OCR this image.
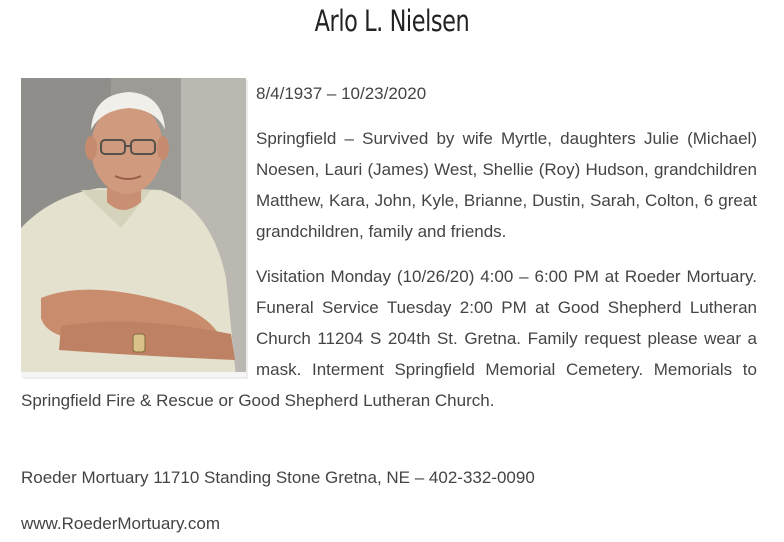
Arlo L. Nielsen

8/4/1937 – 10/23/2020

Springfield – Survived by wife Myrtle, daughters Julie (Michael) Noesen, Lauri (James) West, Shellie (Roy) Hudson, grandchildren Matthew, Kara, John, Kyle, Brianne, Dustin, Sarah, Colton, 6 great grandchildren, family and friends.

Visitation Monday (10/26/20) 4:00 – 6:00 PM at Roeder Mortuary. Funeral Service Tuesday 2:00 PM at Good Shepherd Lutheran Church 11204 S 204th St. Gretna. Family request please wear a mask. Interment Springfield Memorial Cemetery. Memorials to Springfield Fire & Rescue or Good Shepherd Lutheran Church.

Roeder Mortuary 11710 Standing Stone Gretna, NE – 402-332-0090
www.RoederMortuary.com
